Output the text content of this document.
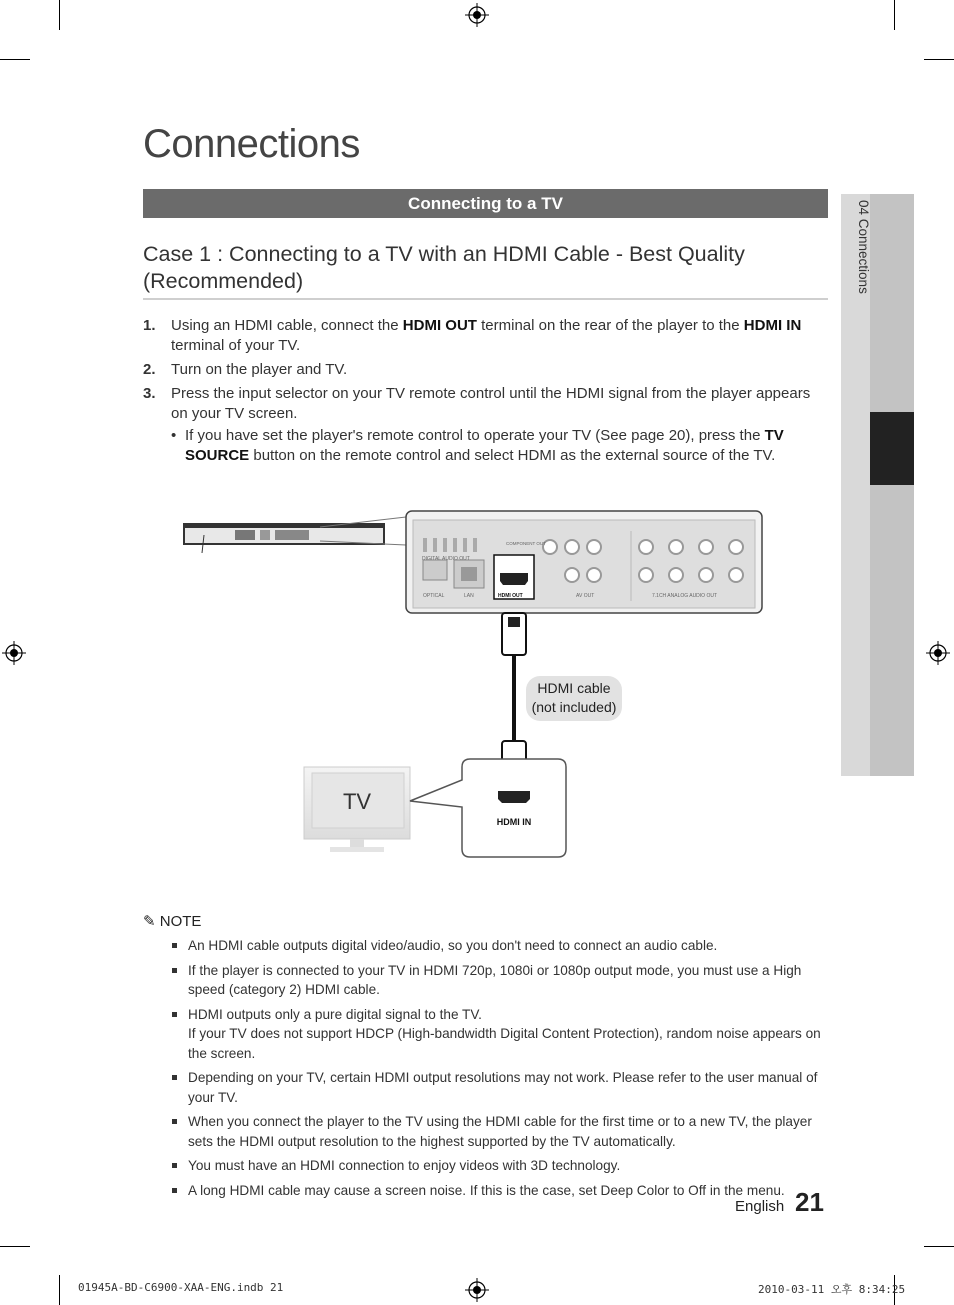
04 Connections
Connections
Connecting to a TV
Case 1 : Connecting to a TV with an HDMI Cable - Best Quality (Recommended)
1. Using an HDMI cable, connect the HDMI OUT terminal on the rear of the player to the HDMI IN terminal of your TV.
2. Turn on the player and TV.
3. Press the input selector on your TV remote control until the HDMI signal from the player appears on your TV screen.
• If you have set the player's remote control to operate your TV (See page 20), press the TV SOURCE button on the remote control and select HDMI as the external source of the TV.
DIGITAL AUDIO OUT
OPTICAL	LAN	HDMI OUT
COMPONENT OUT
AV OUT	7.1CH ANALOG AUDIO OUT
HDMI cable
(not included)
TV
HDMI IN
✎ NOTE
An HDMI cable outputs digital video/audio, so you don't need to connect an audio cable.
If the player is connected to your TV in HDMI 720p, 1080i or 1080p output mode, you must use a High speed (category 2) HDMI cable.
HDMI outputs only a pure digital signal to the TV.
If your TV does not support HDCP (High-bandwidth Digital Content Protection), random noise appears on the screen.
Depending on your TV, certain HDMI output resolutions may not work. Please refer to the user manual of your TV.
When you connect the player to the TV using the HDMI cable for the first time or to a new TV, the player sets the HDMI output resolution to the highest supported by the TV automatically.
You must have an HDMI connection to enjoy videos with 3D technology.
A long HDMI cable may cause a screen noise. If this is the case, set Deep Color to Off in the menu.
English 21
01945A-BD-C6900-XAA-ENG.indb 21	2010-03-11 오후 8:34:25
